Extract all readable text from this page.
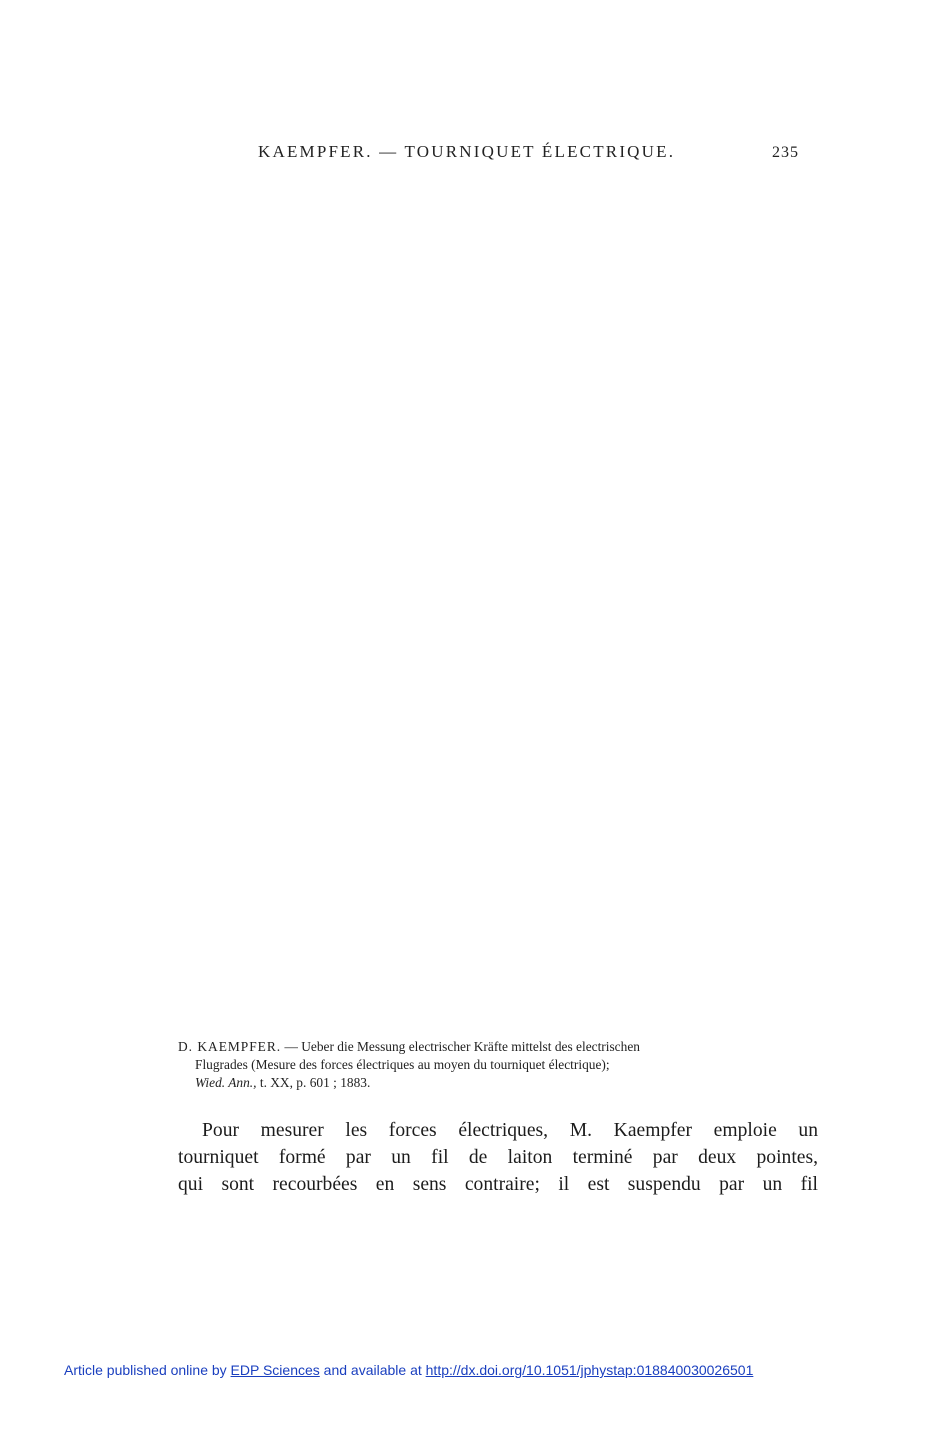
KAEMPFER. — TOURNIQUET ÉLECTRIQUE.	235
D. KAEMPFER. — Ueber die Messung electrischer Kräfte mittelst des electrischen
Flugrades (Mesure des forces électriques au moyen du tourniquet électrique);
Wied. Ann., t. XX, p. 601 ; 1883.
Pour mesurer les forces électriques, M. Kaempfer emploie un
tourniquet formé par un fil de laiton terminé par deux pointes,
qui sont recourbées en sens contraire; il est suspendu par un fil
Article published online by EDP Sciences and available at http://dx.doi.org/10.1051/jphystap:018840030026501
